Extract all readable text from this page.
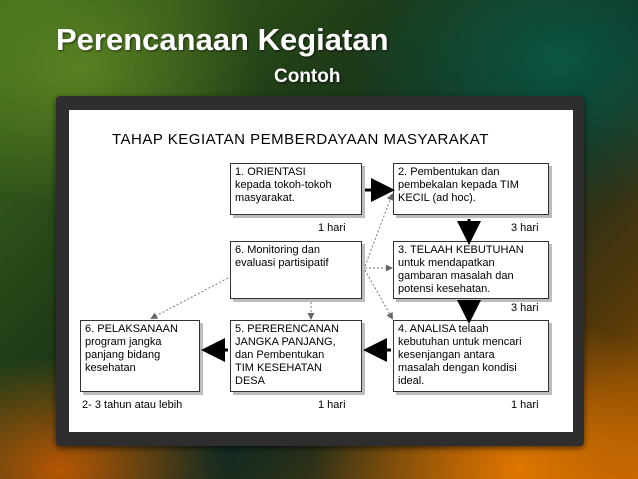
Perencanaan Kegiatan
Contoh
TAHAP KEGIATAN PEMBERDAYAAN MASYARAKAT
1. ORIENTASI
kepada tokoh-tokoh
masyarakat.
2. Pembentukan dan
pembekalan kepada TIM
KECIL (ad hoc).
1 hari	3 hari
6. Monitoring dan
evaluasi partisipatif
3. TELAAH KEBUTUHAN
untuk mendapatkan
gambaran masalah dan
potensi kesehatan.
3 hari
6. PELAKSANAAN
program jangka
panjang bidang
kesehatan
5. PERERENCANAN
JANGKA PANJANG,
dan Pembentukan
TIM KESEHATAN
DESA
4. ANALISA telaah
kebutuhan untuk mencari
kesenjangan antara
masalah dengan kondisi
ideal.
2- 3 tahun atau lebih	1 hari	1 hari
